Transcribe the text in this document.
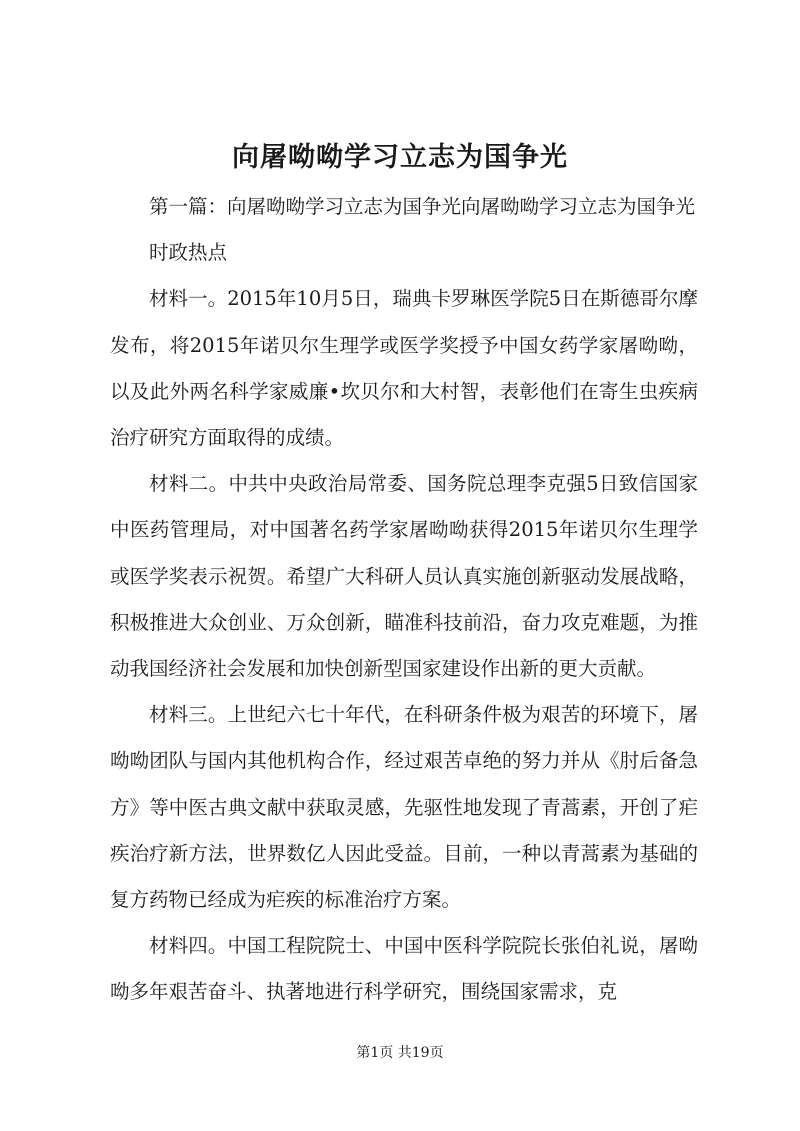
向屠呦呦学习立志为国争光

第一篇：向屠呦呦学习立志为国争光向屠呦呦学习立志为国争光

时政热点

材料一。2015年10月5日，瑞典卡罗琳医学院5日在斯德哥尔摩发布，将2015年诺贝尔生理学或医学奖授予中国女药学家屠呦呦，以及此外两名科学家威廉•坎贝尔和大村智，表彰他们在寄生虫疾病治疗研究方面取得的成绩。

材料二。中共中央政治局常委、国务院总理李克强5日致信国家中医药管理局，对中国著名药学家屠呦呦获得2015年诺贝尔生理学或医学奖表示祝贺。希望广大科研人员认真实施创新驱动发展战略，积极推进大众创业、万众创新，瞄准科技前沿，奋力攻克难题，为推动我国经济社会发展和加快创新型国家建设作出新的更大贡献。

材料三。上世纪六七十年代，在科研条件极为艰苦的环境下，屠呦呦团队与国内其他机构合作，经过艰苦卓绝的努力并从《肘后备急方》等中医古典文献中获取灵感，先驱性地发现了青蒿素，开创了疟疾治疗新方法，世界数亿人因此受益。目前，一种以青蒿素为基础的复方药物已经成为疟疾的标准治疗方案。

材料四。中国工程院院士、中国中医科学院院长张伯礼说，屠呦呦多年艰苦奋斗、执著地进行科学研究，围绕国家需求，克

第1页 共19页
